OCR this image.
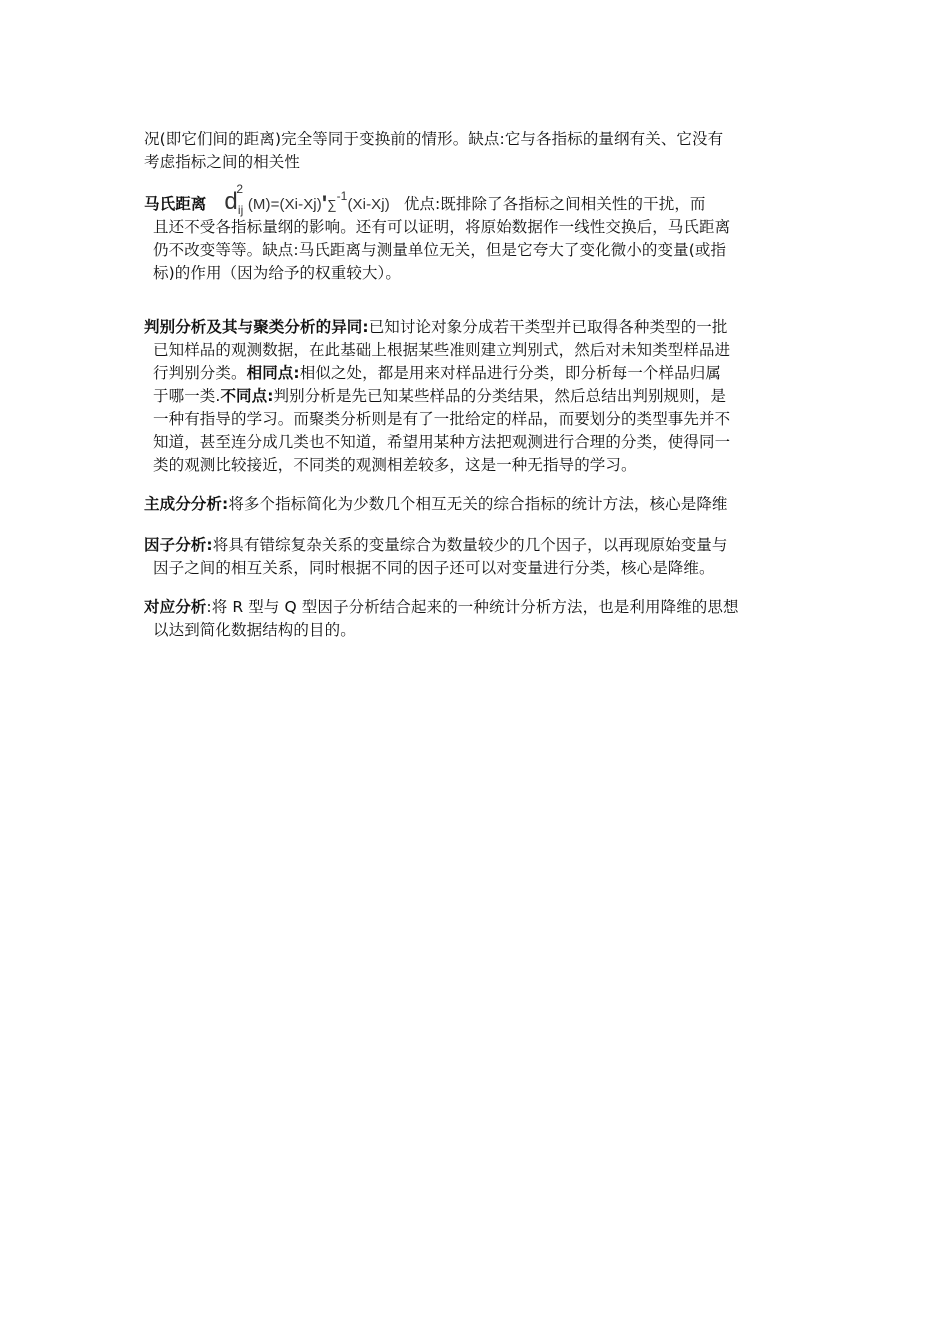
况(即它们间的距离)完全等同于变换前的情形。缺点:它与各指标的量纲有关、它没有
考虑指标之间的相关性
马氏距离 d
2
$_{ij}$ (M)=(Xi-Xj)'∑$^{-1}$(Xi-Xj) 优点:既排除了各指标之间相关性的干扰，而
且还不受各指标量纲的影响。还有可以证明，将原始数据作一线性交换后，马氏距离
仍不改变等等。缺点:马氏距离与测量单位无关，但是它夸大了变化微小的变量(或指
标)的作用（因为给予的权重较大）。
判别分析及其与聚类分析的异同:已知讨论对象分成若干类型并已取得各种类型的一批
已知样品的观测数据，在此基础上根据某些准则建立判别式，然后对未知类型样品进
行判别分类。相同点:相似之处，都是用来对样品进行分类，即分析每一个样品归属
于哪一类.不同点:判别分析是先已知某些样品的分类结果，然后总结出判别规则，是
一种有指导的学习。而聚类分析则是有了一批给定的样品，而要划分的类型事先并不
知道，甚至连分成几类也不知道，希望用某种方法把观测进行合理的分类，使得同一
类的观测比较接近，不同类的观测相差较多，这是一种无指导的学习。
主成分分析:将多个指标简化为少数几个相互无关的综合指标的统计方法，核心是降维
因子分析:将具有错综复杂关系的变量综合为数量较少的几个因子，以再现原始变量与
因子之间的相互关系，同时根据不同的因子还可以对变量进行分类，核心是降维。
对应分析:将 R 型与 Q 型因子分析结合起来的一种统计分析方法，也是利用降维的思想
以达到简化数据结构的目的。
